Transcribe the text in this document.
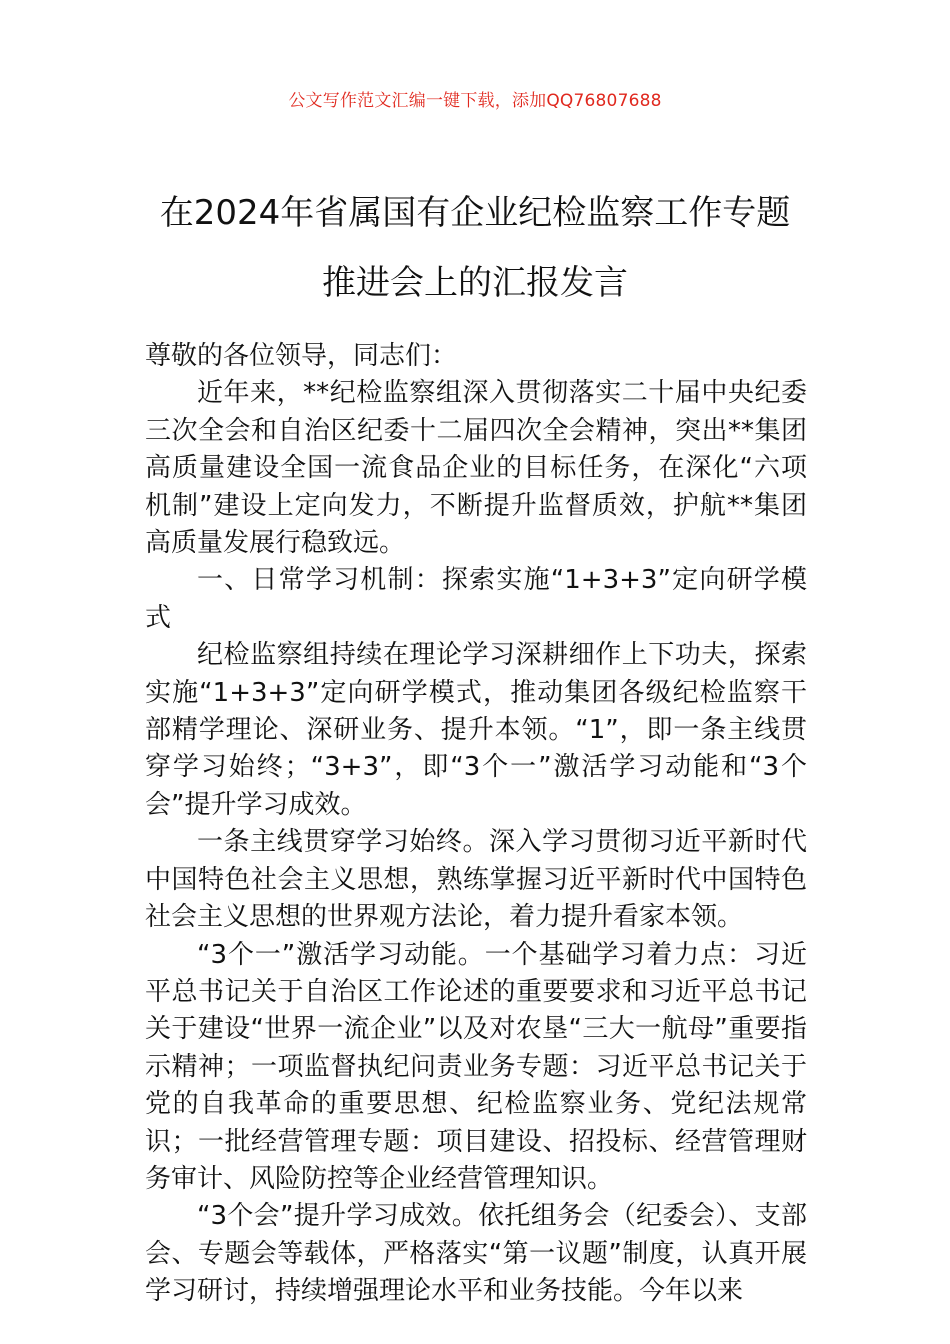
公文写作范文汇编一键下载，添加QQ76807688
在2024年省属国有企业纪检监察工作专题
推进会上的汇报发言

尊敬的各位领导，同志们：

近年来，**纪检监察组深入贯彻落实二十届中央纪委三次全会和自治区纪委十二届四次全会精神，突出**集团高质量建设全国一流食品企业的目标任务，在深化“六项机制”建设上定向发力，不断提升监督质效，护航**集团高质量发展行稳致远。

一、日常学习机制：探索实施“1+3+3”定向研学模式

纪检监察组持续在理论学习深耕细作上下功夫，探索实施“1+3+3”定向研学模式，推动集团各级纪检监察干部精学理论、深研业务、提升本领。“1”，即一条主线贯穿学习始终；“3+3”，即“3个一”激活学习动能和“3个会”提升学习成效。

一条主线贯穿学习始终。深入学习贯彻习近平新时代中国特色社会主义思想，熟练掌握习近平新时代中国特色社会主义思想的世界观方法论，着力提升看家本领。

“3个一”激活学习动能。一个基础学习着力点：习近平总书记关于自治区工作论述的重要要求和习近平总书记关于建设“世界一流企业”以及对农垦“三大一航母”重要指示精神；一项监督执纪问责业务专题：习近平总书记关于党的自我革命的重要思想、纪检监察业务、党纪法规常识；一批经营管理专题：项目建设、招投标、经营管理财务审计、风险防控等企业经营管理知识。

“3个会”提升学习成效。依托组务会（纪委会）、支部会、专题会等载体，严格落实“第一议题”制度，认真开展学习研讨，持续增强理论水平和业务技能。今年以来
